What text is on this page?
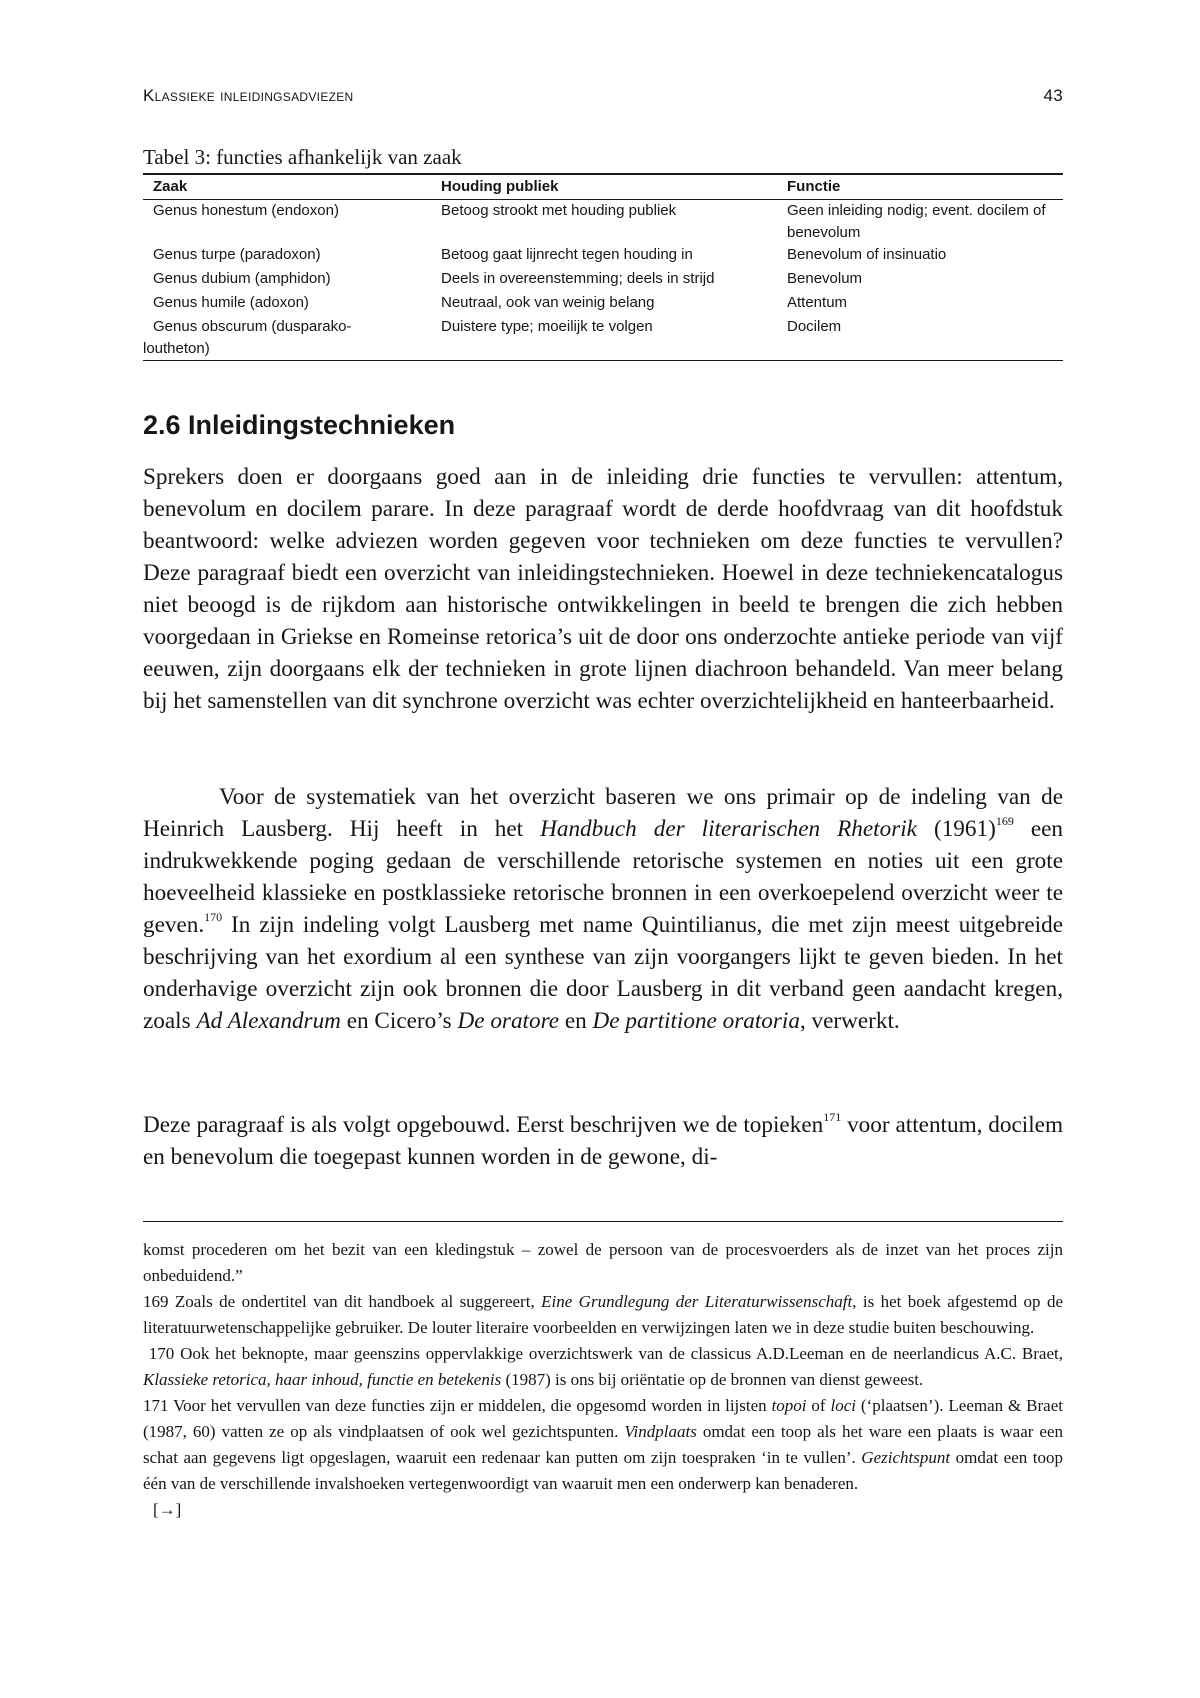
Klassieke inleidingsadviezen	43
Tabel 3: functies afhankelijk van zaak
Zaak	Houding publiek	Functie
Genus honestum (endoxon)	Betoog strookt met houding publiek	Geen inleiding nodig; event. docilem of benevolum
Genus turpe (paradoxon)	Betoog gaat lijnrecht tegen houding in	Benevolum of insinuatio
Genus dubium (amphidon)	Deels in overeenstemming; deels in strijd	Benevolum
Genus humile (adoxon)	Neutraal, ook van weinig belang	Attentum
Genus obscurum (dusparako-
loutheton)	Duistere type; moeilijk te volgen	Docilem
2.6 Inleidingstechnieken

Sprekers doen er doorgaans goed aan in de inleiding drie functies te vervullen: attentum, benevolum en docilem parare. In deze paragraaf wordt de derde hoofdvraag van dit hoofdstuk beantwoord: welke adviezen worden gegeven voor technieken om deze functies te vervullen? Deze paragraaf biedt een overzicht van inleidingstechnieken. Hoewel in deze techniekencatalogus niet beoogd is de rijkdom aan historische ontwikkelingen in beeld te brengen die zich hebben voorgedaan in Griekse en Romeinse retorica’s uit de door ons onderzochte antieke periode van vijf eeuwen, zijn doorgaans elk der technieken in grote lijnen diachroon behandeld. Van meer belang bij het samenstellen van dit synchrone overzicht was echter overzichtelijkheid en hanteerbaarheid.

Voor de systematiek van het overzicht baseren we ons primair op de indeling van de Heinrich Lausberg. Hij heeft in het Handbuch der literarischen Rhetorik $(1961)^{169}$ een indrukwekkende poging gedaan de verschillende retorische systemen en noties uit een grote hoeveelheid klassieke en postklassieke retorische bronnen in een overkoepelend overzicht weer te geven.$^{170}$ In zijn indeling volgt Lausberg met name Quintilianus, die met zijn meest uitgebreide beschrijving van het exordium al een synthese van zijn voorgangers lijkt te geven bieden. In het onderhavige overzicht zijn ook bronnen die door Lausberg in dit verband geen aandacht kregen, zoals Ad Alexandrum en Cicero’s De oratore en De partitione oratoria, verwerkt.

Deze paragraaf is als volgt opgebouwd. Eerst beschrijven we de topieken$^{171}$ voor attentum, docilem en benevolum die toegepast kunnen worden in de gewone, di-

komst procederen om het bezit van een kledingstuk – zowel de persoon van de procesvoerders als de inzet van het proces zijn onbeduidend.”

169 Zoals de ondertitel van dit handboek al suggereert, Eine Grundlegung der Literaturwissenschaft, is het boek afgestemd op de literatuurwetenschappelijke gebruiker. De louter literaire voorbeelden en verwijzingen laten we in deze studie buiten beschouwing.

170 Ook het beknopte, maar geenszins oppervlakkige overzichtswerk van de classicus A.D.Leeman en de neerlandicus A.C. Braet, Klassieke retorica, haar inhoud, functie en betekenis (1987) is ons bij oriëntatie op de bronnen van dienst geweest.

171 Voor het vervullen van deze functies zijn er middelen, die opgesomd worden in lijsten topoi of loci (‘plaatsen’). Leeman & Braet (1987, 60) vatten ze op als vindplaatsen of ook wel gezichtspunten. Vindplaats omdat een toop als het ware een plaats is waar een schat aan gegevens ligt opgeslagen, waaruit een redenaar kan putten om zijn toespraken ‘in te vullen’. Gezichtspunt omdat een toop één van de verschillende invalshoeken vertegenwoordigt van waaruit men een onderwerp kan benaderen.

[→]
